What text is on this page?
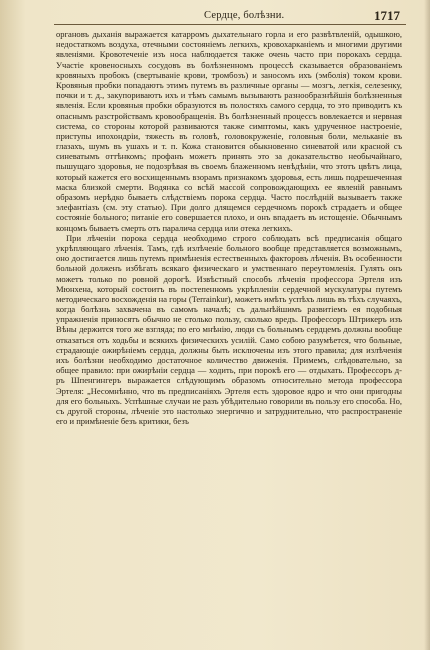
Сердце, болѣзни.	1717

органовъ дыханія выражается катарромъ дыхательнаго горла и его развѣтвленій, одышкою, недостаткомъ воздуха, отечными состояніемъ легкихъ, кровохарканіемъ и многими другими явленіями. Кровотеченіе изъ носа наблюдается также очень часто при порокахъ сердца. Участіе кровеносныхъ сосудовъ въ болѣзненномъ процессѣ сказывается образованіемъ кровяныхъ пробокъ (свертываніе крови, тромбозъ) и заносомъ ихъ (эмболія) током крови. Кровяныя пробки попадаютъ этимъ путемъ въ различные органы — мозгъ, легкія, селезенку, почки и т. д., закупориваютъ ихъ и тѣмъ самымъ вызываютъ разнообразнѣйшія болѣзненныя явленія. Если кровяныя пробки образуются въ полостяхъ самого сердца, то это приводитъ къ опаснымъ разстройствамъ кровообращенія. Въ болѣзненный процессъ вовлекается и нервная система, со стороны которой развиваются также симптомы, какъ удрученное настроеніе, приступы ипохондріи, тяжесть въ головѣ, головокруженіе, головныя боли, мельканіе въ глазахъ, шумъ въ ушахъ и т. п. Кожа становится обыкновенно синеватой или красной съ синеватымъ оттѣнкомъ; профанъ можетъ принять это за доказательство необычайнаго, пышущаго здоровья, не подозрѣвая въ своемъ блаженномъ невѣдѣніи, что этотъ цвѣтъ лица, который кажется его восхищеннымъ взорамъ признакомъ здоровья, есть лишь подрешеченная маска близкой смерти. Водянка со всѣй массой сопровождающихъ ее явленій равнымъ образомъ нерѣдко бываетъ слѣдствіемъ порока сердца. Часто послѣдній вызываетъ также элефантіазъ (см. эту статью). При долго длящемся сердечномъ порокѣ страдаетъ и общее состояніе больного; питаніе его совершается плохо, и онъ впадаетъ въ истощеніе. Обычнымъ концомъ бываетъ смерть отъ паралича сердца или отека легкихъ.

При лѣченіи порока сердца необходимо строго соблюдать всѣ предписанія общаго укрѣпляющаго лѣченія. Тамъ, гдѣ излѣченіе больного вообще представляется возможнымъ, оно достигается лишь путемъ примѣненія естественныхъ факторовъ лѣченія. Въ особенности больной долженъ избѣгать всякаго физическаго и умственнаго переутомленія. Гулять онъ можетъ только по ровной дорогѣ. Извѣстный способъ лѣченія профессора Эртеля изъ Мюнхена, который состоитъ въ постепенномъ укрѣпленіи сердечной мускулатуры путемъ методическаго восхожденія на горы (Terrainkur), можетъ имѣть успѣхъ лишь въ тѣхъ случаяхъ, когда болѣзнь захвачена въ самомъ началѣ; съ дальнѣйшимъ развитіемъ ея подобныя упражненія приносятъ обычно не столько пользу, сколько вредъ. Профессоръ Штрикеръ изъ Вѣны держится того же взгляда; по его мнѣнію, люди съ больнымъ сердцемъ должны вообще отказаться отъ ходьбы и всякихъ физическихъ усилій. Само собою разумѣется, что больные, страдающіе ожирѣніемъ сердца, должны быть исключены изъ этого правила; для излѣченія ихъ болѣзни необходимо достаточное количество движенія. Примемъ, слѣдовательно, за общее правило: при ожирѣніи сердца — ходить, при порокѣ его — отдыхать. Профессоръ д-ръ Шпенгингеръ выражается слѣдующимъ образомъ относительно метода профессора Эртеля: „Несомнѣнно, что въ предписаніяхъ Эртеля есть здоровое ядро и что они пригодны для его больныхъ. Успѣшные случаи не разъ убѣдительно говорили въ пользу его способа. Но, съ другой стороны, лѣченіе это настолько энергично и затруднительно, что распространеніе его и примѣненіе безъ критики, безъ
